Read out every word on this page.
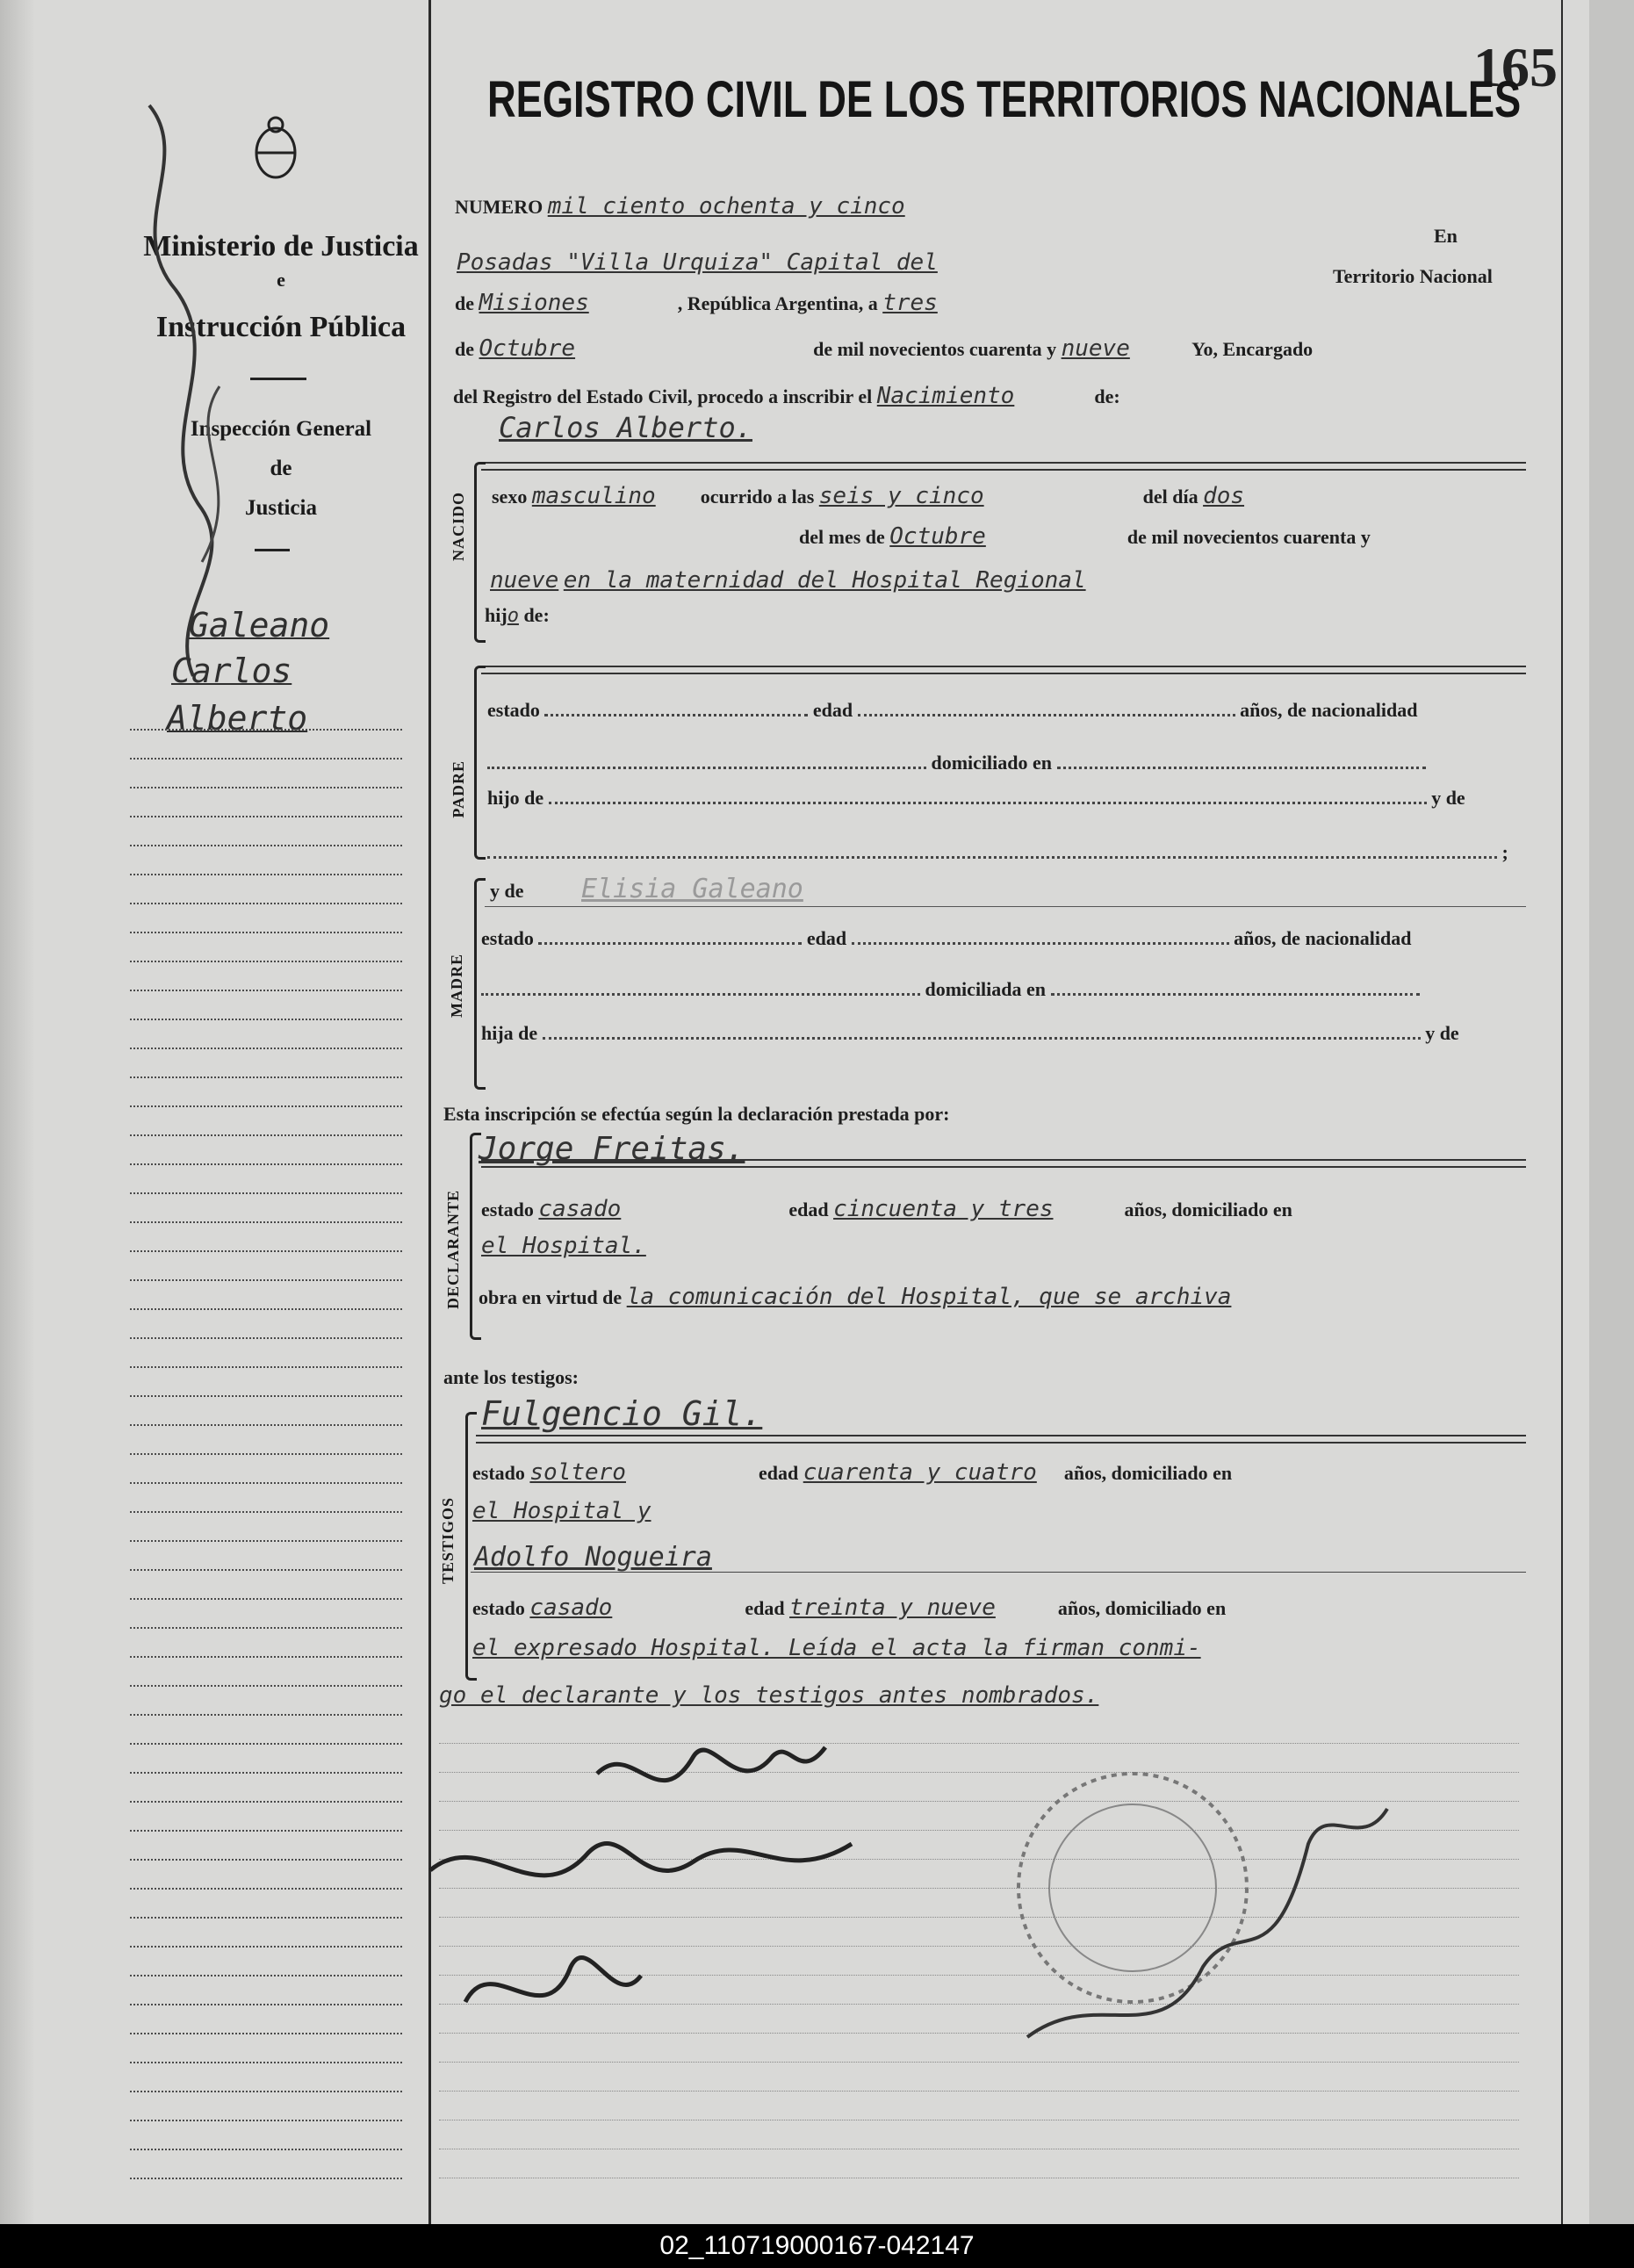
165
REGISTRO CIVIL DE LOS TERRITORIOS NACIONALES
Ministerio de Justicia
e
Instrucción Pública
Inspección General
de
Justicia
Galeano
Carlos
Alberto
NUMERO mil ciento ochenta y cinco
En
Posadas "Villa Urquiza" Capital del
Territorio Nacional
de Misiones	, República Argentina, a tres
de Octubre	de mil novecientos cuarenta y nueve	Yo, Encargado
del Registro del Estado Civil, procedo a inscribir el Nacimiento	de:
Carlos Alberto.
NACIDO sexo masculino ocurrido a las seis y cinco	del día dos
del mes de Octubre	de mil novecientos cuarenta y
nueve en la maternidad del Hospital Regional
hijo de:
PADRE
estado	edad	años, de nacionalidad
domiciliado en
hijo de	y de
;
MADRE
y de Elisia Galeano
estado	edad	años, de nacionalidad
domiciliada en
hija de	y de
Esta inscripción se efectúa según la declaración prestada por:
DECLARANTE
Jorge Freitas.
estado casado	edad cincuenta y tres	años, domiciliado en
el Hospital.
obra en virtud de la comunicación del Hospital, que se archiva
ante los testigos:
TESTIGOS
Fulgencio Gil.
estado soltero	edad cuarenta y cuatro años, domiciliado en
el Hospital y
Adolfo Nogueira
estado casado	edad treinta y nueve	años, domiciliado en
el expresado Hospital. Leída el acta la firman conmi-
go el declarante y los testigos antes nombrados.
02_110719000167-042147
